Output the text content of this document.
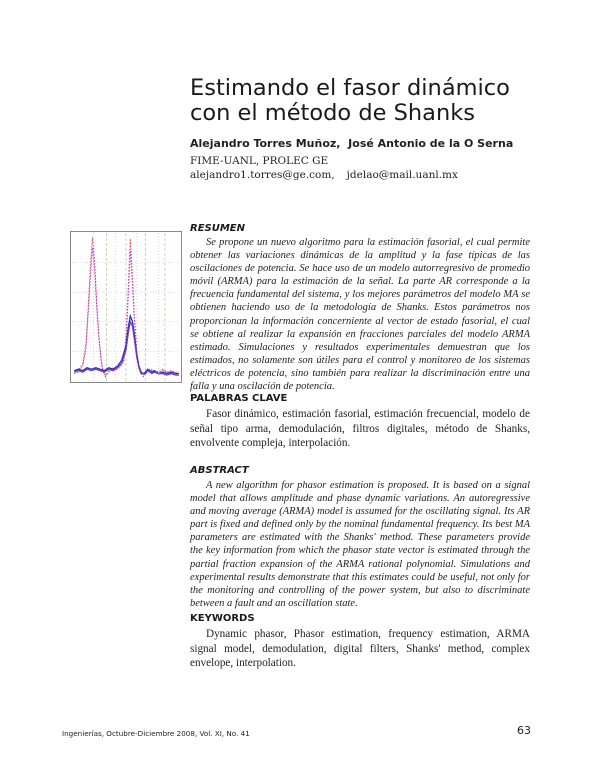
Estimando el fasor dinámico
con el método de Shanks
Alejandro Torres Muñoz, José Antonio de la O Serna
FIME-UANL, PROLEC GE
alejandro1.torres@ge.com, jdelao@mail.uanl.mx
RESUMEN

Se propone un nuevo algoritmo para la estimación fasorial, el cual permite obtener las variaciones dinámicas de la amplitud y la fase típicas de las oscilaciones de potencia. Se hace uso de un modelo autorregresivo de promedio móvil (ARMA) para la estimación de la señal. La parte AR corresponde a la frecuencia fundamental del sistema, y los mejores parámetros del modelo MA se obtienen haciendo uso de la metodología de Shanks. Estos parámetros nos proporcionan la información concerniente al vector de estado fasorial, el cual se obtiene al realizar la expansión en fracciones parciales del modelo ARMA estimado. Simulaciones y resultados experimentales demuestran que los estimados, no solamente son útiles para el control y monitoreo de los sistemas eléctricos de potencia, sino también para realizar la discriminación entre una falla y una oscilación de potencia.

PALABRAS CLAVE

Fasor dinámico, estimación fasorial, estimación frecuencial, modelo de señal tipo arma, demodulación, filtros digitales, método de Shanks, envolvente compleja, interpolación.

ABSTRACT

A new algorithm for phasor estimation is proposed. It is based on a signal model that allows amplitude and phase dynamic variations. An autoregressive and moving average (ARMA) model is assumed for the oscillating signal. Its AR part is fixed and defined only by the nominal fundamental frequency. Its best MA parameters are estimated with the Shanks' method. These parameters provide the key information from which the phasor state vector is estimated through the partial fraction expansion of the ARMA rational polynomial. Simulations and experimental results demonstrate that this estimates could be useful, not only for the monitoring and controlling of the power system, but also to discriminate between a fault and an oscillation state.

KEYWORDS

Dynamic phasor, Phasor estimation, frequency estimation, ARMA signal model, demodulation, digital filters, Shanks' method, complex envelope, interpolation.

Ingenierías, Octubre-Diciembre 2008, Vol. XI, No. 41	63
